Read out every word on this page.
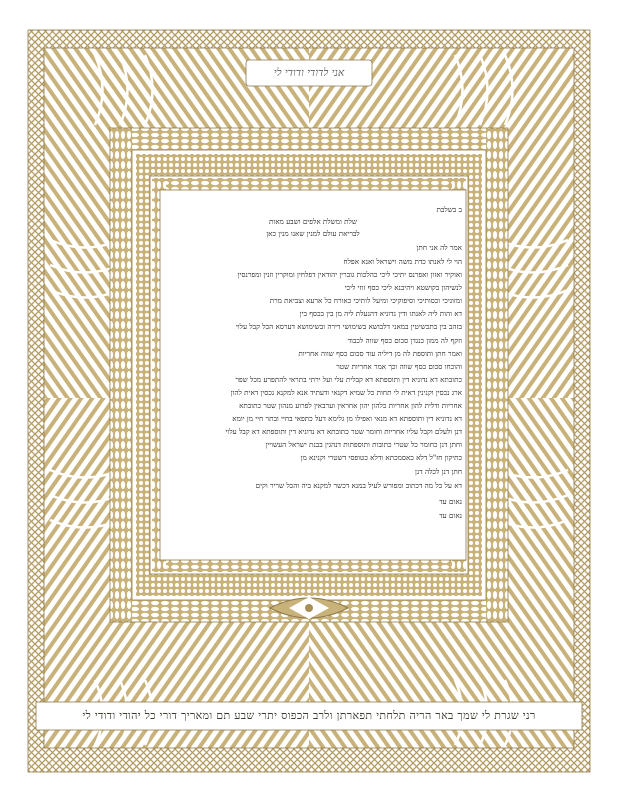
אני לדודי ודודי לי
ב בשלבת
שלת ומשלת אלפים ושבע מאות
לבריאת עולם למנין שאנו מנין כאן
אמר לה אני חתן
הוי לי לאנתו כדת משה וישראל ואנא אפלח
ואוקיר ואזון ואפרנס יתיכי ליכי כהלכות גוברין יהודאין דפלחין ומוקרין וזנין ומפרנסין
לנשיהון בקושטא ויהיבנא ליכי כסף זוזי ליכי
ומזוניכי וכסותיכי וסיפוקיכי ומיעל לותיכי כאורח כל ארעא וצביאת מרת
דא והות ליה לאנתו ודין נדוניא דהנעלת ליה מן בין בכסף בין
בזהב בין בתכשיטין במאני דלבושא בשימושי דירה ובשימושא דערסא הכל קבל עלוי
וזקף לה ממון כנגדן סכום כסף שווה לכבוד
ואמר חתן ותוספת לה מן דיליה עוד סכום כסף שווה אחריות
והוכחו סכום כסף שווה וכך אמר אחריות שטר
כתובתא דא נדוניא דין ותוספתא דא קבלית עלי ועל ירתי בתראי להתפרע מכל שפר
ארג נכסין וקנינין דאית לי תחות כל שמיא דקנאי ודעתיד אנא למקנא נכסין דאית להון
אחריות ודלית להון אחריות כלהון יהון אחראין וערבאין לפרוע מנהון שטר כתובתא
דא נדוניא דין ותוספתא דא מנאי ואפילו מן גלימא דעל כתפאי בחיי ובתר חיי מן יומא
דנן ולעלם וקבל עליו אחריות וחומר שטר כתובתא דא נדוניא דין ותוספתא דא קבל עלוי
וחתן דנן כחומר כל שטרי כתובות ותוספתות דנהגין בבנת ישראל העשויין
כתיקון חז"ל דלא כאסמכתא ודלא כטופסי דשטרי וקנינא מן
חתן דנן לכלה דנן
דא על כל מה דכתוב ומפורש לעיל במנא דכשר למקנא ביה והכל שריר וקים
נאום עד
נאום עד
רני שגרת לי שמך באר הריה תלחתי תפארתן ולרב הכפוס יתרי שבע תם ומאריך דורי כל יהודי ודודי לי
